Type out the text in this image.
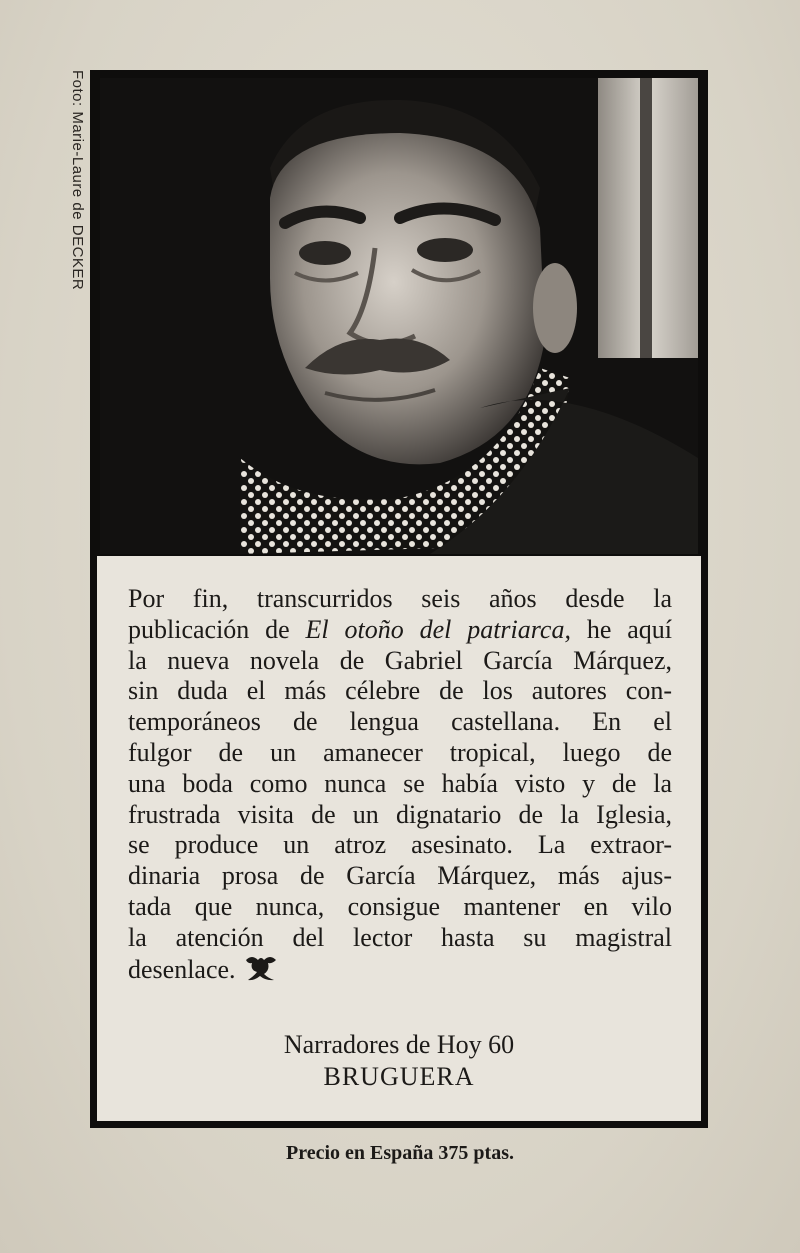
Foto: Marie-Laure de DECKER
Por fin, transcurridos seis años desde la
publicación de El otoño del patriarca, he aquí
la nueva novela de Gabriel García Márquez,
sin duda el más célebre de los autores con-
temporáneos de lengua castellana. En el
fulgor de un amanecer tropical, luego de
una boda como nunca se había visto y de la
frustrada visita de un dignatario de la Iglesia,
se produce un atroz asesinato. La extraor-
dinaria prosa de García Márquez, más ajus-
tada que nunca, consigue mantener en vilo
la atención del lector hasta su magistral
desenlace.

Narradores de Hoy 60

BRUGUERA

Precio en España 375 ptas.
